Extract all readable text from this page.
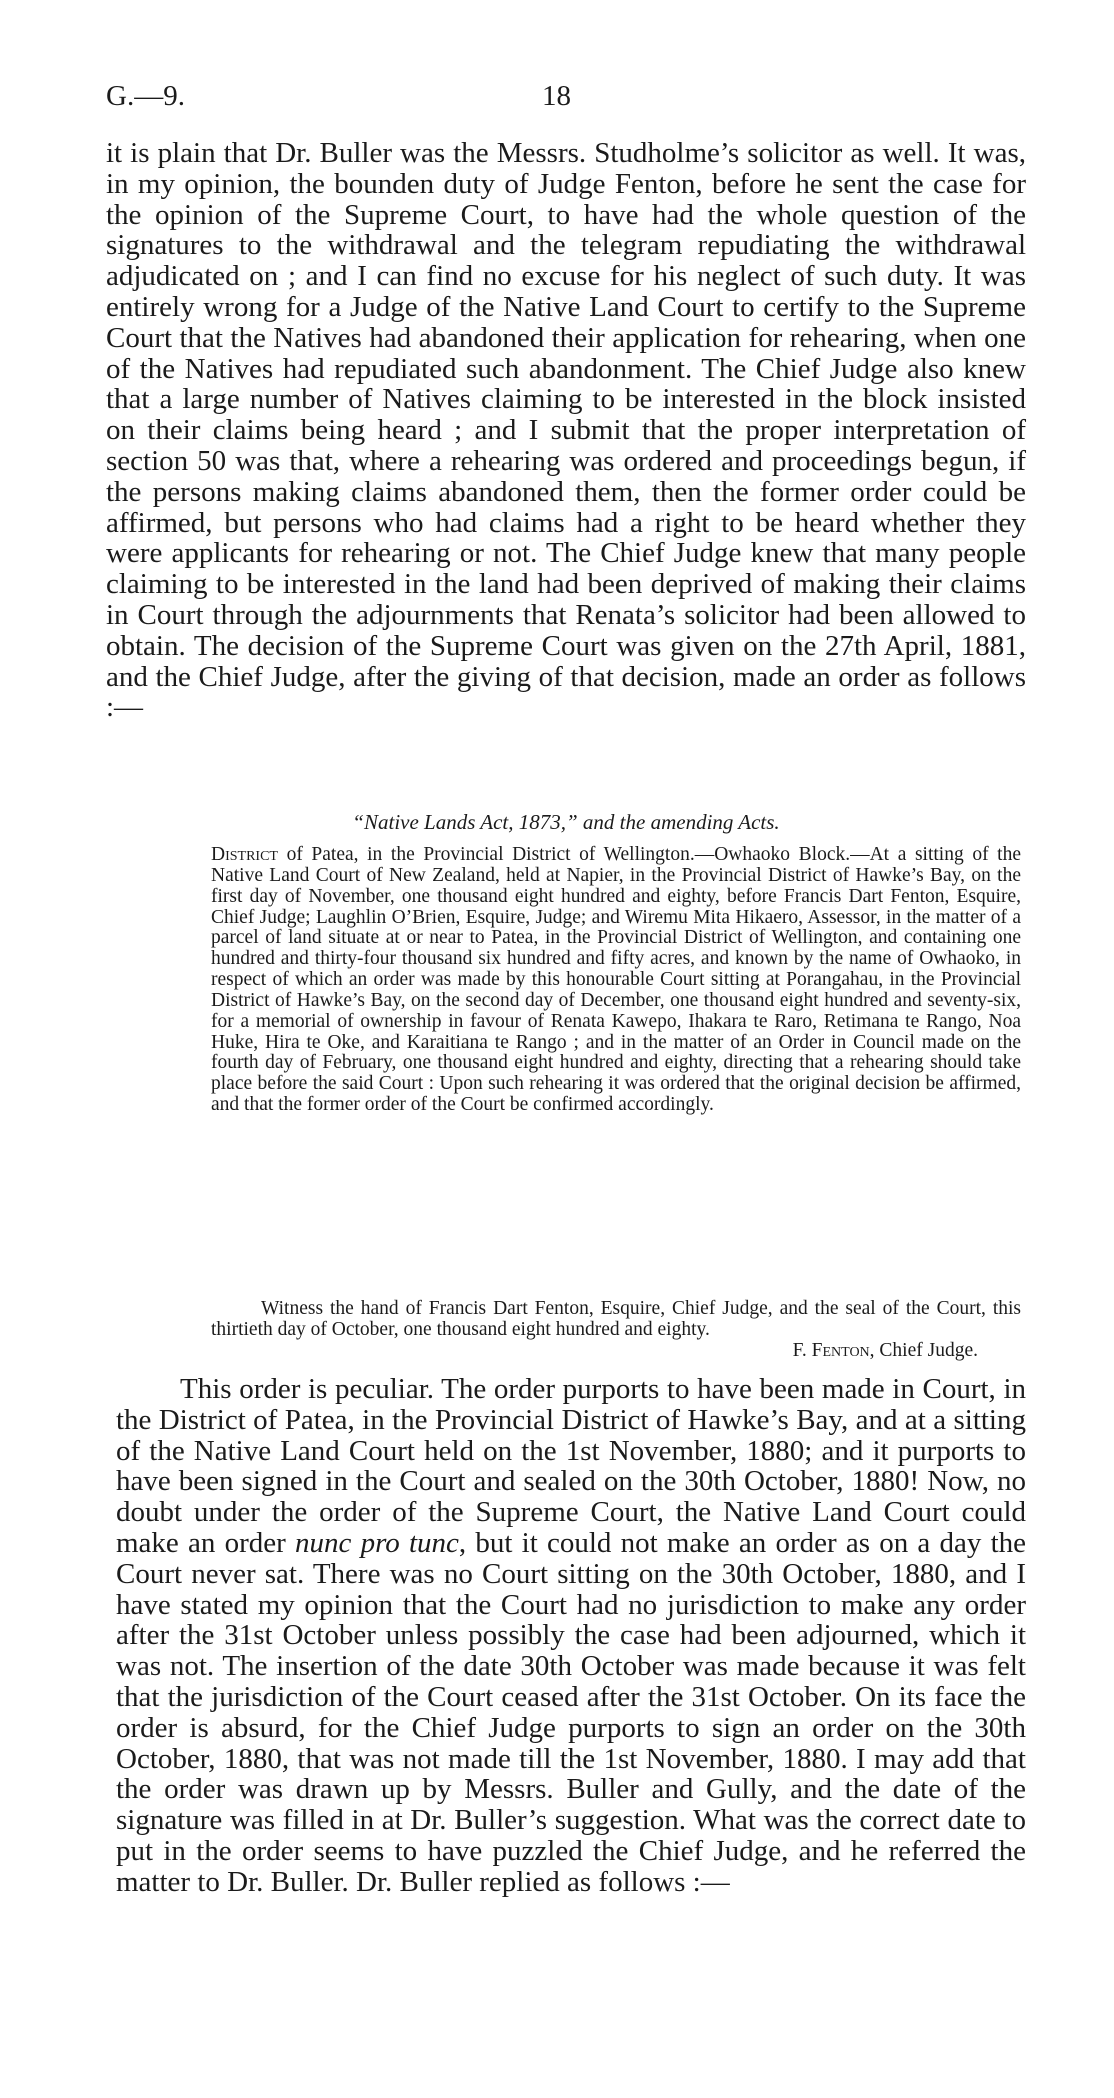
G.—9.	18

it is plain that Dr. Buller was the Messrs. Studholme’s solicitor as well. It was, in my opinion, the bounden duty of Judge Fenton, before he sent the case for the opinion of the Supreme Court, to have had the whole question of the signatures to the withdrawal and the telegram repudiating the withdrawal adjudicated on ; and I can find no excuse for his neglect of such duty. It was entirely wrong for a Judge of the Native Land Court to certify to the Supreme Court that the Natives had abandoned their application for rehearing, when one of the Natives had repudiated such abandonment. The Chief Judge also knew that a large number of Natives claiming to be interested in the block insisted on their claims being heard ; and I submit that the proper interpretation of section 50 was that, where a rehearing was ordered and proceedings begun, if the persons making claims abandoned them, then the former order could be affirmed, but persons who had claims had a right to be heard whether they were applicants for rehearing or not. The Chief Judge knew that many people claiming to be interested in the land had been deprived of making their claims in Court through the adjournments that Renata’s solicitor had been allowed to obtain. The decision of the Supreme Court was given on the 27th April, 1881, and the Chief Judge, after the giving of that decision, made an order as follows :—

“Native Lands Act, 1873,” and the amending Acts.

District of Patea, in the Provincial District of Wellington.—Owhaoko Block.—At a sitting of the Native Land Court of New Zealand, held at Napier, in the Provincial District of Hawke’s Bay, on the first day of November, one thousand eight hundred and eighty, before Francis Dart Fenton, Esquire, Chief Judge; Laughlin O’Brien, Esquire, Judge; and Wiremu Mita Hikaero, Assessor, in the matter of a parcel of land situate at or near to Patea, in the Provincial District of Wellington, and containing one hundred and thirty-four thousand six hundred and fifty acres, and known by the name of Owhaoko, in respect of which an order was made by this honourable Court sitting at Porangahau, in the Provincial District of Hawke’s Bay, on the second day of December, one thousand eight hundred and seventy-six, for a memorial of ownership in favour of Renata Kawepo, Ihakara te Raro, Retimana te Rango, Noa Huke, Hira te Oke, and Karaitiana te Rango ; and in the matter of an Order in Council made on the fourth day of February, one thousand eight hundred and eighty, directing that a rehearing should take place before the said Court : Upon such rehearing it was ordered that the original decision be affirmed, and that the former order of the Court be confirmed accordingly.

Witness the hand of Francis Dart Fenton, Esquire, Chief Judge, and the seal of the Court, this thirtieth day of October, one thousand eight hundred and eighty.

F. Fenton, Chief Judge.

This order is peculiar. The order purports to have been made in Court, in the District of Patea, in the Provincial District of Hawke’s Bay, and at a sitting of the Native Land Court held on the 1st November, 1880; and it purports to have been signed in the Court and sealed on the 30th October, 1880! Now, no doubt under the order of the Supreme Court, the Native Land Court could make an order nunc pro tunc, but it could not make an order as on a day the Court never sat. There was no Court sitting on the 30th October, 1880, and I have stated my opinion that the Court had no jurisdiction to make any order after the 31st October unless possibly the case had been adjourned, which it was not. The insertion of the date 30th October was made because it was felt that the jurisdiction of the Court ceased after the 31st October. On its face the order is absurd, for the Chief Judge purports to sign an order on the 30th October, 1880, that was not made till the 1st November, 1880. I may add that the order was drawn up by Messrs. Buller and Gully, and the date of the signature was filled in at Dr. Buller’s suggestion. What was the correct date to put in the order seems to have puzzled the Chief Judge, and he referred the matter to Dr. Buller. Dr. Buller replied as follows :—
